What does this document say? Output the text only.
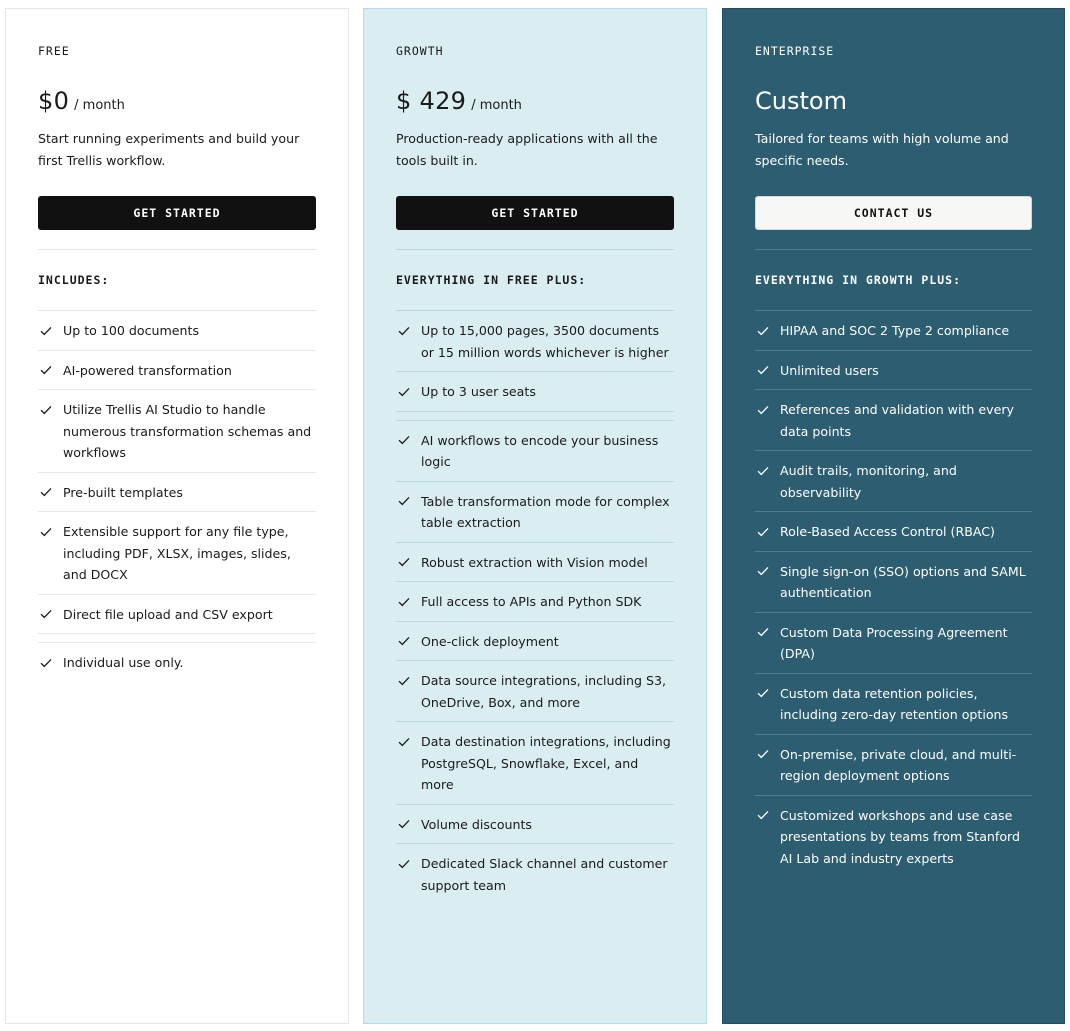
FREE
$0 / month
Start running experiments and build your first Trellis workflow.
GET STARTED
INCLUDES:
Up to 100 documents
AI-powered transformation
Utilize Trellis AI Studio to handle numerous transformation schemas and workflows
Pre-built templates
Extensible support for any file type, including PDF, XLSX, images, slides, and DOCX
Direct file upload and CSV export
Individual use only.
GROWTH
$ 429 / month
Production-ready applications with all the tools built in.
GET STARTED
EVERYTHING IN FREE PLUS:
Up to 15,000 pages, 3500 documents or 15 million words whichever is higher
Up to 3 user seats
AI workflows to encode your business logic
Table transformation mode for complex table extraction
Robust extraction with Vision model
Full access to APIs and Python SDK
One-click deployment
Data source integrations, including S3, OneDrive, Box, and more
Data destination integrations, including PostgreSQL, Snowflake, Excel, and more
Volume discounts
Dedicated Slack channel and customer support team
ENTERPRISE
Custom
Tailored for teams with high volume and specific needs.
CONTACT US
EVERYTHING IN GROWTH PLUS:
HIPAA and SOC 2 Type 2 compliance
Unlimited users
References and validation with every data points
Audit trails, monitoring, and observability
Role-Based Access Control (RBAC)
Single sign-on (SSO) options and SAML authentication
Custom Data Processing Agreement (DPA)
Custom data retention policies, including zero-day retention options
On-premise, private cloud, and multi-region deployment options
Customized workshops and use case presentations by teams from Stanford AI Lab and industry experts
